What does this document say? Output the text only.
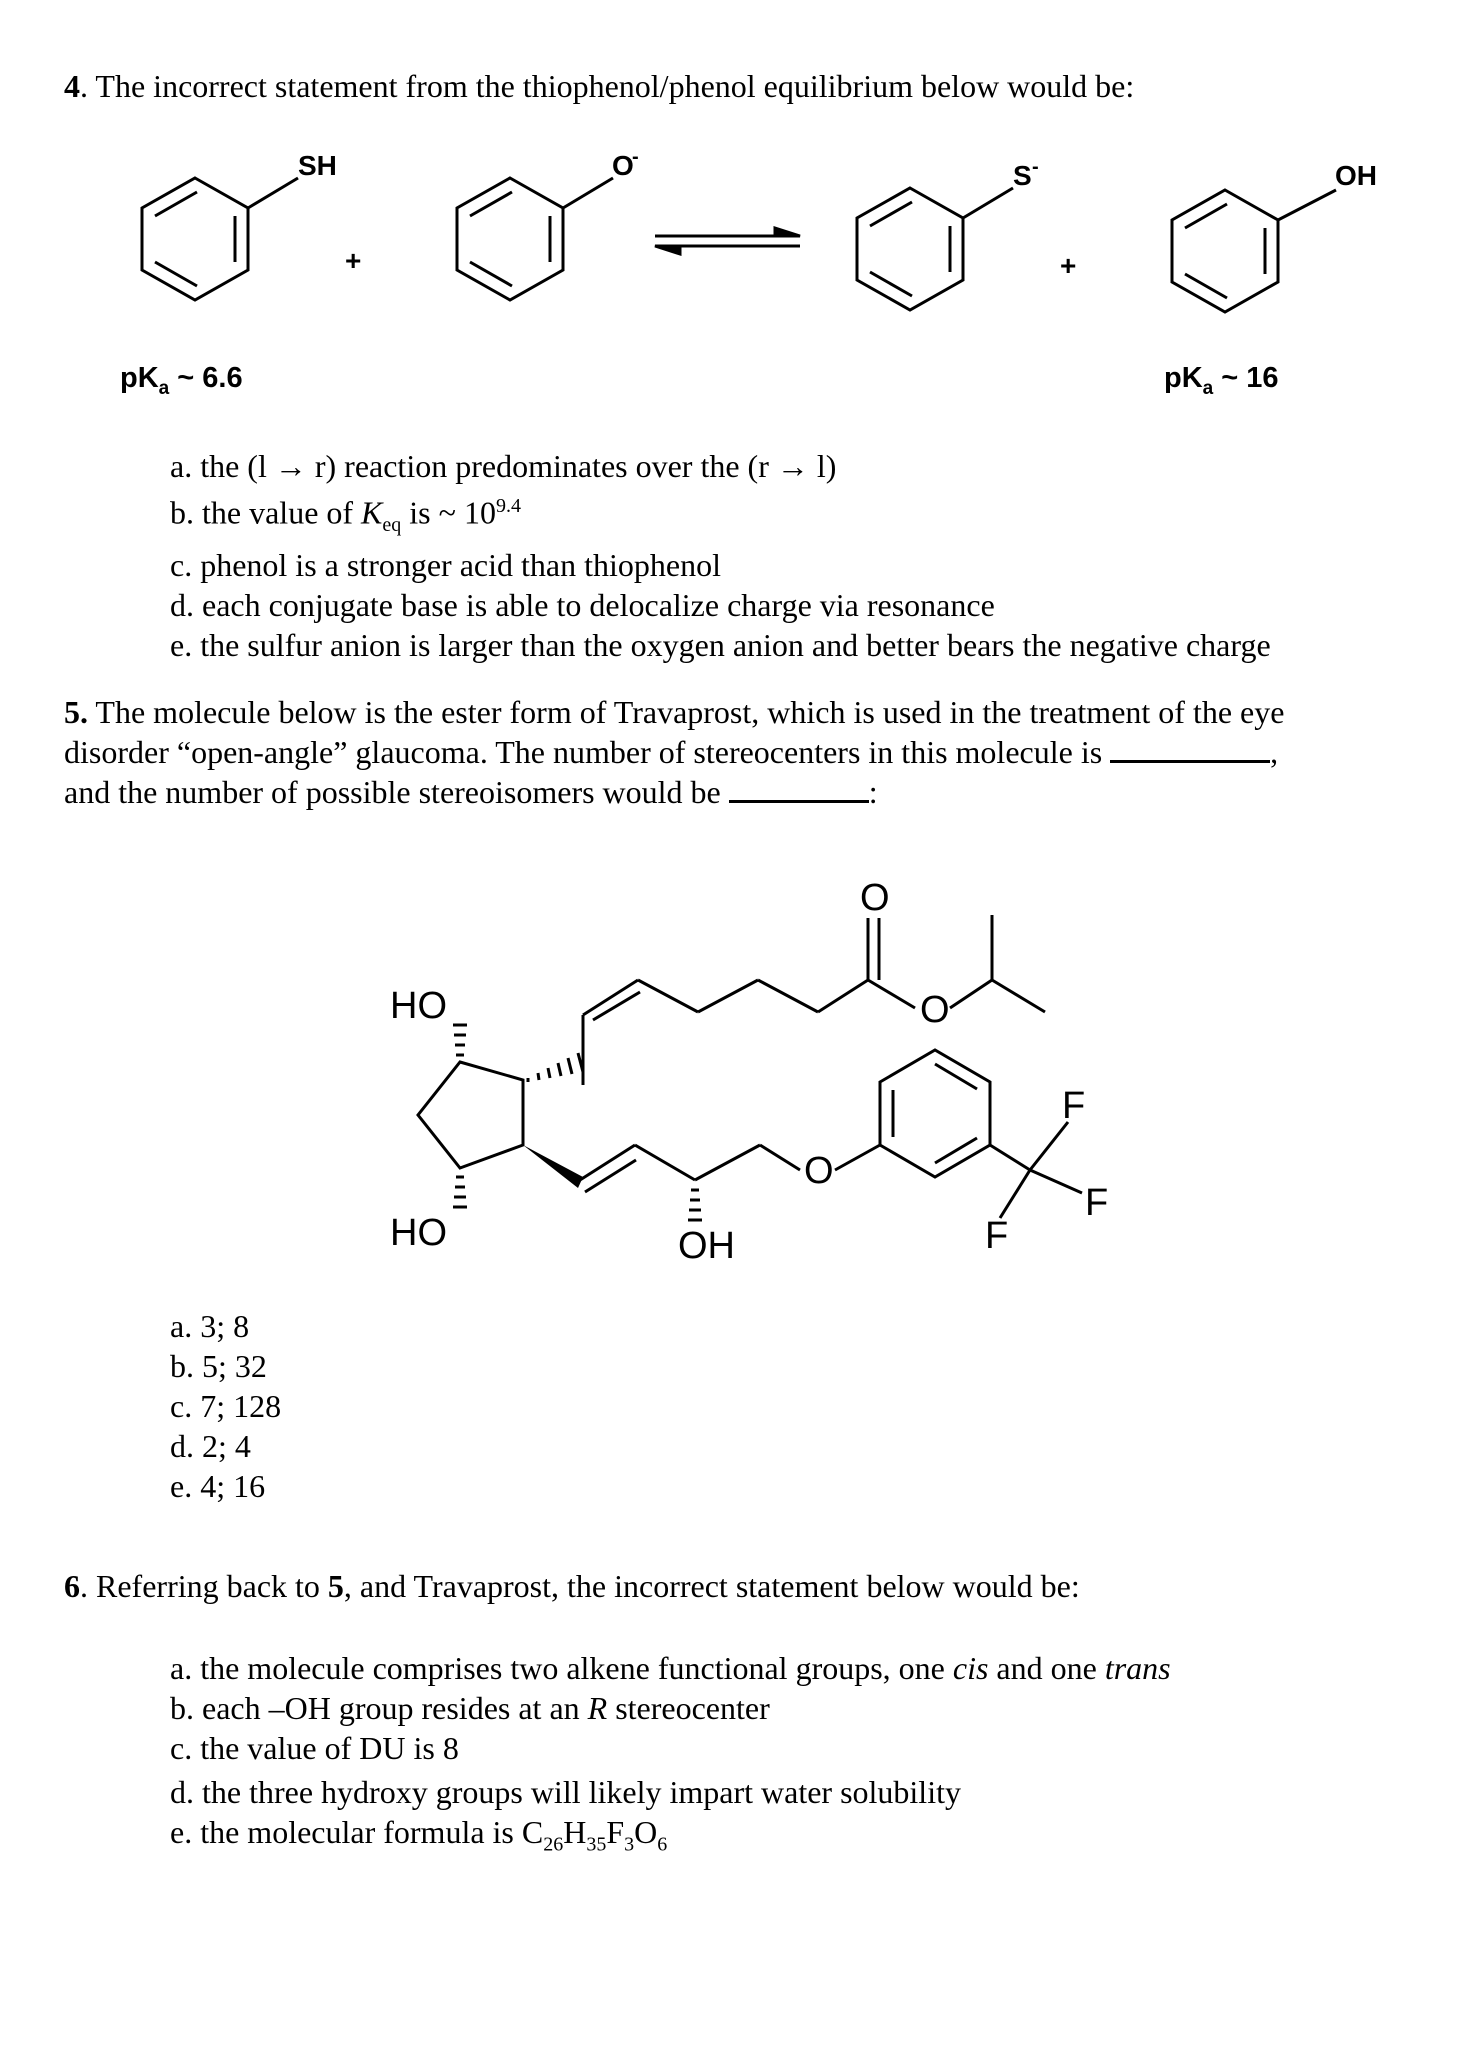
4. The incorrect statement from the thiophenol/phenol equilibrium below would be:
SH
+
O
-
S -
+
OH
$pK_a$ ~ 6.6	$pK_a$ ~ 16
a. the (l → r) reaction predominates over the (r → l)
b. the value of $K_{eq}$ is ~ $10^{9.4}$
c. phenol is a stronger acid than thiophenol
d. each conjugate base is able to delocalize charge via resonance
e. the sulfur anion is larger than the oxygen anion and better bears the negative charge
5. The molecule below is the ester form of Travaprost, which is used in the treatment of the eye
disorder “open-angle” glaucoma. The number of stereocenters in this molecule is	,
and the number of possible stereoisomers would be	:
O
O
HO
HO	OH
O
F
F
F
a. 3; 8
b. 5; 32
c. 7; 128
d. 2; 4
e. 4; 16
6. Referring back to 5, and Travaprost, the incorrect statement below would be:
a. the molecule comprises two alkene functional groups, one cis and one trans
b. each –OH group resides at an R stereocenter
c. the value of DU is 8
d. the three hydroxy groups will likely impart water solubility
e. the molecular formula is $C_{26}H_{35}F_3O_6$
